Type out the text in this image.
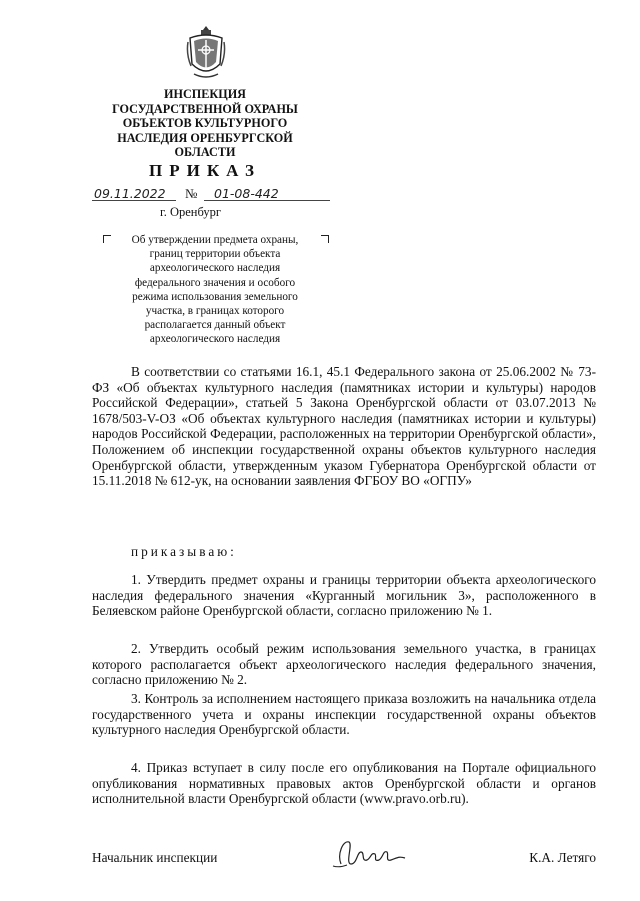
ИНСПЕКЦИЯ
ГОСУДАРСТВЕННОЙ ОХРАНЫ
ОБЪЕКТОВ КУЛЬТУРНОГО
НАСЛЕДИЯ ОРЕНБУРГСКОЙ
ОБЛАСТИ
ПРИКАЗ
09.11.2022 № 01-08-442
г. Оренбург
Об утверждении предмета охраны,
границ территории объекта
археологического наследия
федерального значения и особого
режима использования земельного
участка, в границах которого
располагается данный объект
археологического наследия
В соответствии со статьями 16.1, 45.1 Федерального закона от 25.06.2002 № 73-ФЗ «Об объектах культурного наследия (памятниках истории и культуры) народов Российской Федерации», статьей 5 Закона Оренбургской области от 03.07.2013 № 1678/503-V-ОЗ «Об объектах культурного наследия (памятниках истории и культуры) народов Российской Федерации, расположенных на территории Оренбургской области», Положением об инспекции государственной охраны объектов культурного наследия Оренбургской области, утвержденным указом Губернатора Оренбургской области от 15.11.2018 № 612-ук, на основании заявления ФГБОУ ВО «ОГПУ»
приказываю:
1. Утвердить предмет охраны и границы территории объекта археологического наследия федерального значения «Курганный могильник 3», расположенного в Беляевском районе Оренбургской области, согласно приложению № 1.
2. Утвердить особый режим использования земельного участка, в границах которого располагается объект археологического наследия федерального значения, согласно приложению № 2.
3. Контроль за исполнением настоящего приказа возложить на начальника отдела государственного учета и охраны инспекции государственной охраны объектов культурного наследия Оренбургской области.
4. Приказ вступает в силу после его опубликования на Портале официального опубликования нормативных правовых актов Оренбургской области и органов исполнительной власти Оренбургской области (www.pravo.orb.ru).
Начальник инспекции	К.А. Летяго
